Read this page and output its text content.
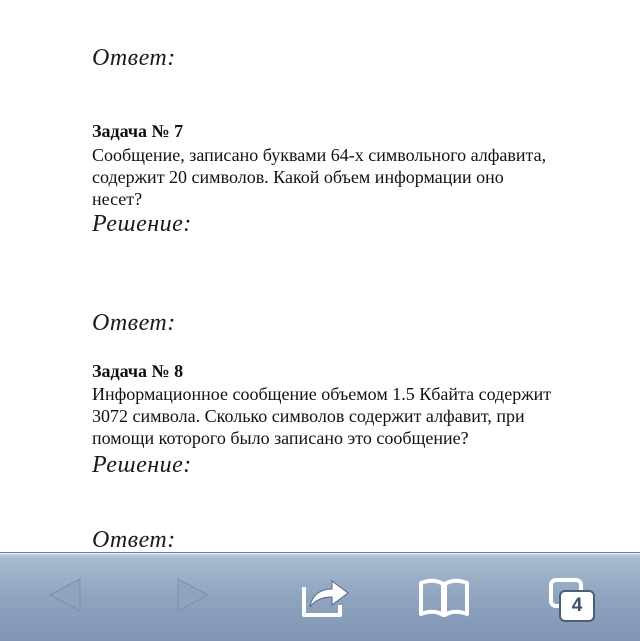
Ответ:
Задача № 7
Сообщение, записано буквами 64-х символьного алфавита,
содержит 20 символов. Какой объем информации оно
несет?
Решение:
Ответ:
Задача № 8
Информационное сообщение объемом 1.5 Кбайта содержит
3072 символа. Сколько символов содержит алфавит, при
помощи которого было записано это сообщение?
Решение:
Ответ:
4
